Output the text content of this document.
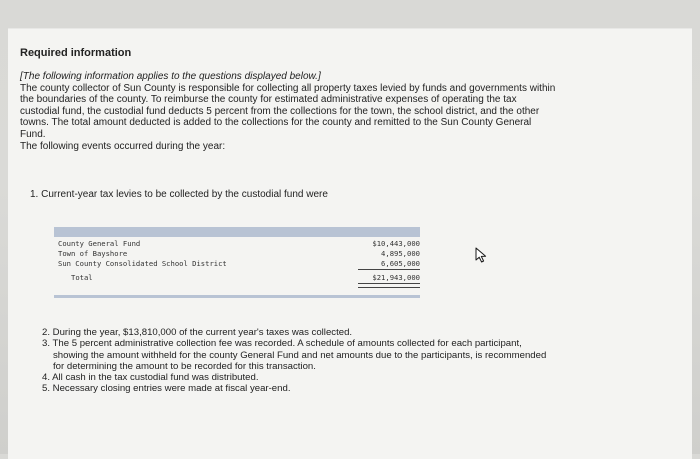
Required information
[The following information applies to the questions displayed below.]
The county collector of Sun County is responsible for collecting all property taxes levied by funds and governments within
the boundaries of the county. To reimburse the county for estimated administrative expenses of operating the tax
custodial fund, the custodial fund deducts 5 percent from the collections for the town, the school district, and the other
towns. The total amount deducted is added to the collections for the county and remitted to the Sun County General
Fund.
The following events occurred during the year:
1. Current-year tax levies to be collected by the custodial fund were
County General Fund	$10,443,000
Town of Bayshore	4,895,000
Sun County Consolidated School District	6,605,000
Total	$21,943,000
2. During the year, $13,810,000 of the current year's taxes was collected.
3. The 5 percent administrative collection fee was recorded. A schedule of amounts collected for each participant,
showing the amount withheld for the county General Fund and net amounts due to the participants, is recommended
for determining the amount to be recorded for this transaction.
4. All cash in the tax custodial fund was distributed.
5. Necessary closing entries were made at fiscal year-end.
